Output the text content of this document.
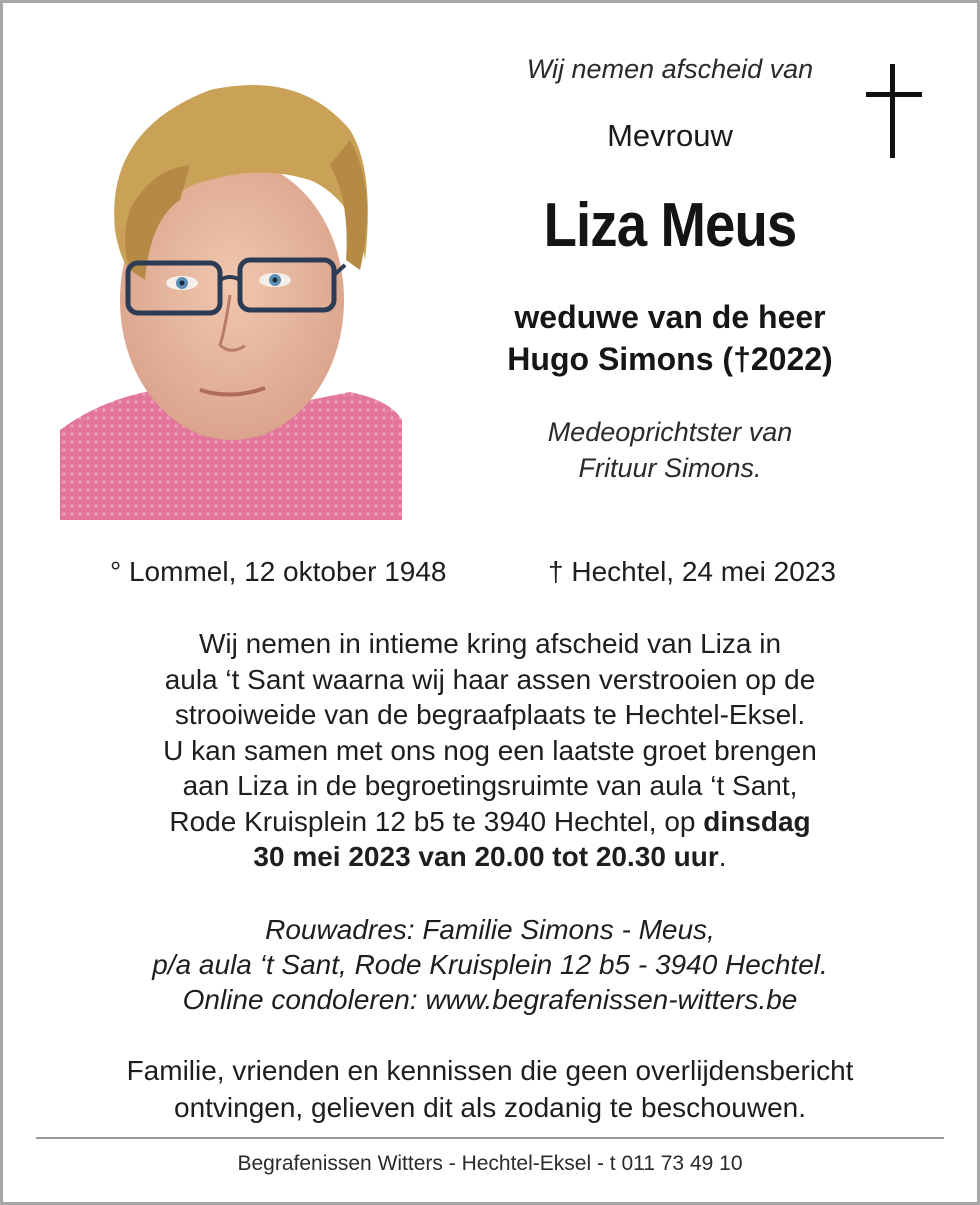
Wij nemen afscheid van
Mevrouw
Liza Meus
weduwe van de heer
Hugo Simons (†2022)
Medeoprichtster van
Frituur Simons.
° Lommel, 12 oktober 1948	† Hechtel, 24 mei 2023
Wij nemen in intieme kring afscheid van Liza in
aula ‘t Sant waarna wij haar assen verstrooien op de
strooiweide van de begraafplaats te Hechtel-Eksel.
U kan samen met ons nog een laatste groet brengen
aan Liza in de begroetingsruimte van aula ‘t Sant,
Rode Kruisplein 12 b5 te 3940 Hechtel, op dinsdag
30 mei 2023 van 20.00 tot 20.30 uur.
Rouwadres: Familie Simons - Meus,
p/a aula ‘t Sant, Rode Kruisplein 12 b5 - 3940 Hechtel.
Online condoleren: www.begrafenissen-witters.be
Familie, vrienden en kennissen die geen overlijdensbericht
ontvingen, gelieven dit als zodanig te beschouwen.
Begrafenissen Witters - Hechtel-Eksel - t 011 73 49 10
